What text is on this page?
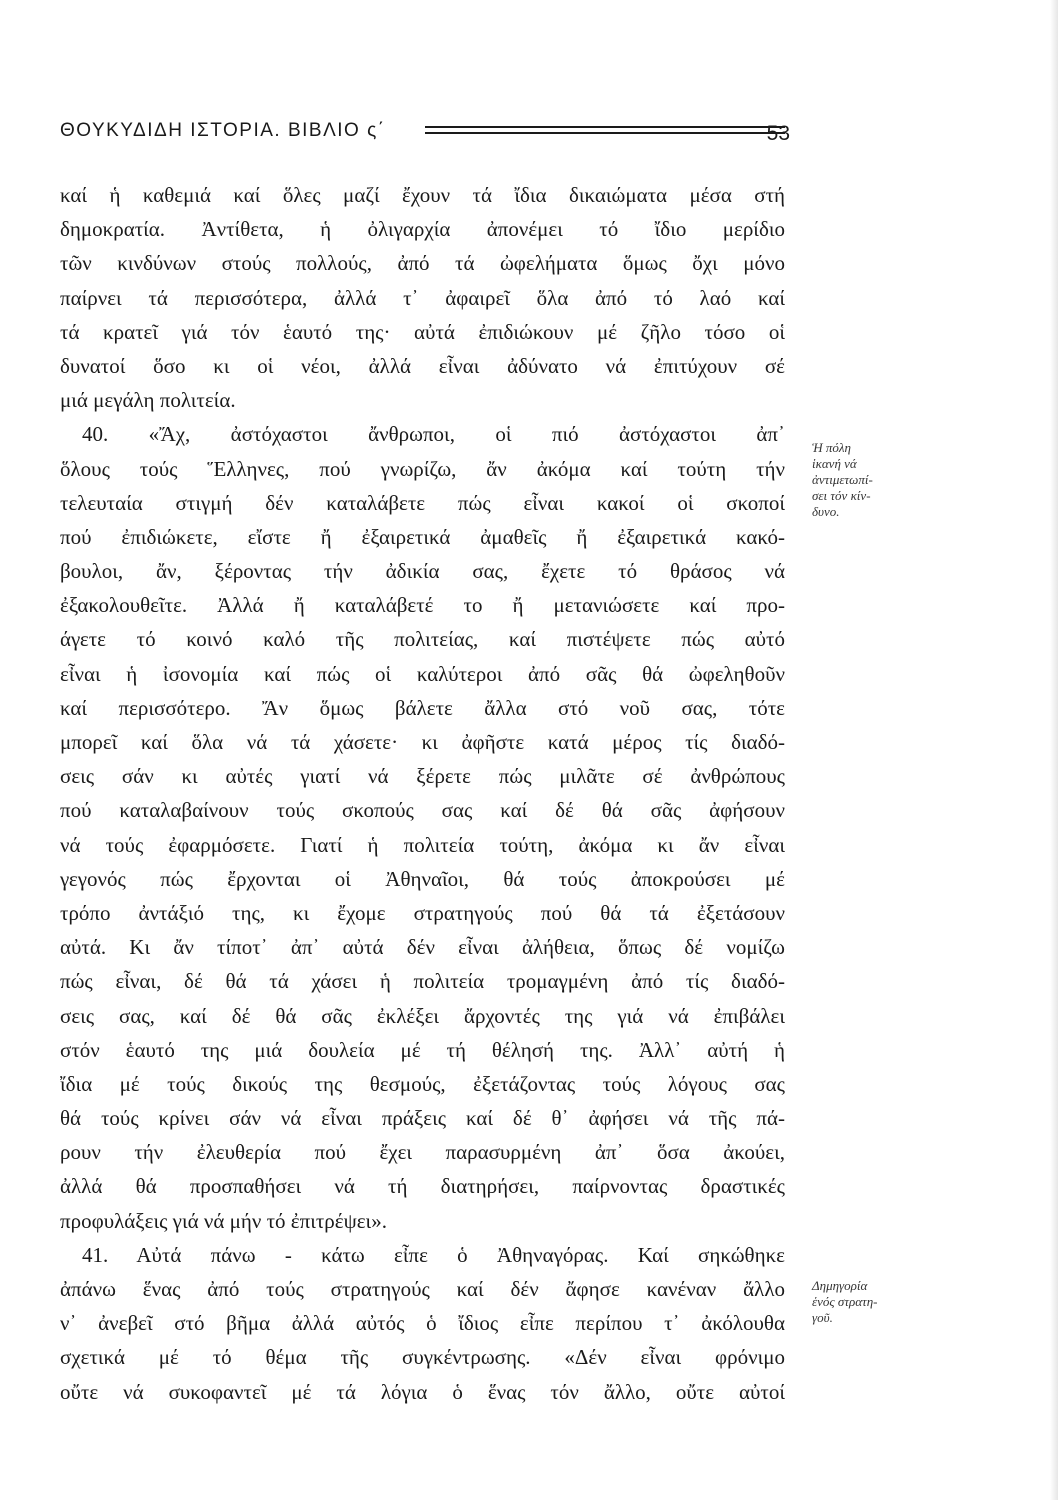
ΘΟΥΚΥΔΙΔΗ ΙΣΤΟΡΙΑ. ΒΙΒΛΙΟ ς΄	53
καί ἡ καθεμιά καί ὅλες μαζί ἔχουν τά ἴδια δικαιώματα μέσα στή
δημοκρατία. Ἀντίθετα, ἡ ὀλιγαρχία ἀπονέμει τό ἴδιο μερίδιο
τῶν κινδύνων στούς πολλούς, ἀπό τά ὠφελήματα ὅμως ὄχι μόνο
παίρνει τά περισσότερα, ἀλλά τ᾽ ἀφαιρεῖ ὅλα ἀπό τό λαό καί
τά κρατεῖ γιά τόν ἑαυτό της· αὐτά ἐπιδιώκουν μέ ζῆλο τόσο οἱ
δυνατοί ὅσο κι οἱ νέοι, ἀλλά εἶναι ἀδύνατο νά ἐπιτύχουν σέ
μιά μεγάλη πολιτεία.
40. «Ἄχ, ἀστόχαστοι ἄνθρωποι, οἱ πιό ἀστόχαστοι ἀπ᾽
ὅλους τούς Ἕλληνες, πού γνωρίζω, ἄν ἀκόμα καί τούτη τήν
τελευταία στιγμή δέν καταλάβετε πώς εἶναι κακοί οἱ σκοποί
πού ἐπιδιώκετε, εἴστε ἤ ἐξαιρετικά ἀμαθεῖς ἤ ἐξαιρετικά κακό-
βουλοι, ἄν, ξέροντας τήν ἀδικία σας, ἔχετε τό θράσος νά
ἐξακολουθεῖτε. Ἀλλά ἤ καταλάβετέ το ἤ μετανιώσετε καί προ-
άγετε τό κοινό καλό τῆς πολιτείας, καί πιστέψετε πώς αὐτό
εἶναι ἡ ἰσονομία καί πώς οἱ καλύτεροι ἀπό σᾶς θά ὠφεληθοῦν
καί περισσότερο. Ἄν ὅμως βάλετε ἄλλα στό νοῦ σας, τότε
μπορεῖ καί ὅλα νά τά χάσετε· κι ἀφῆστε κατά μέρος τίς διαδό-
σεις σάν κι αὐτές γιατί νά ξέρετε πώς μιλᾶτε σέ ἀνθρώπους
πού καταλαβαίνουν τούς σκοπούς σας καί δέ θά σᾶς ἀφήσουν
νά τούς ἐφαρμόσετε. Γιατί ἡ πολιτεία τούτη, ἀκόμα κι ἄν εἶναι
γεγονός πώς ἔρχονται οἱ Ἀθηναῖοι, θά τούς ἀποκρούσει μέ
τρόπο ἀντάξιό της, κι ἔχομε στρατηγούς πού θά τά ἐξετάσουν
αὐτά. Κι ἄν τίποτ᾽ ἀπ᾽ αὐτά δέν εἶναι ἀλήθεια, ὅπως δέ νομίζω
πώς εἶναι, δέ θά τά χάσει ἡ πολιτεία τρομαγμένη ἀπό τίς διαδό-
σεις σας, καί δέ θά σᾶς ἐκλέξει ἄρχοντές της γιά νά ἐπιβάλει
στόν ἑαυτό της μιά δουλεία μέ τή θέλησή της. Ἀλλ᾽ αὐτή ἡ
ἴδια μέ τούς δικούς της θεσμούς, ἐξετάζοντας τούς λόγους σας
θά τούς κρίνει σάν νά εἶναι πράξεις καί δέ θ᾽ ἀφήσει νά τῆς πά-
ρουν τήν ἐλευθερία πού ἔχει παρασυρμένη ἀπ᾽ ὅσα ἀκούει,
ἀλλά θά προσπαθήσει νά τή διατηρήσει, παίρνοντας δραστικές
προφυλάξεις γιά νά μήν τό ἐπιτρέψει».
41. Αὐτά πάνω - κάτω εἶπε ὁ Ἀθηναγόρας. Καί σηκώθηκε
ἀπάνω ἕνας ἀπό τούς στρατηγούς καί δέν ἄφησε κανέναν ἄλλο
ν᾽ ἀνεβεῖ στό βῆμα ἀλλά αὐτός ὁ ἴδιος εἶπε περίπου τ᾽ ἀκόλουθα
σχετικά μέ τό θέμα τῆς συγκέντρωσης. «Δέν εἶναι φρόνιμο
οὔτε νά συκοφαντεῖ μέ τά λόγια ὁ ἕνας τόν ἄλλο, οὔτε αὐτοί
Ἡ πόλη
ἱκανή νά
ἀντιμετωπί-
σει τόν κίν-
δυνο.
Δημηγορία
ἑνός στρατη-
γοῦ.
